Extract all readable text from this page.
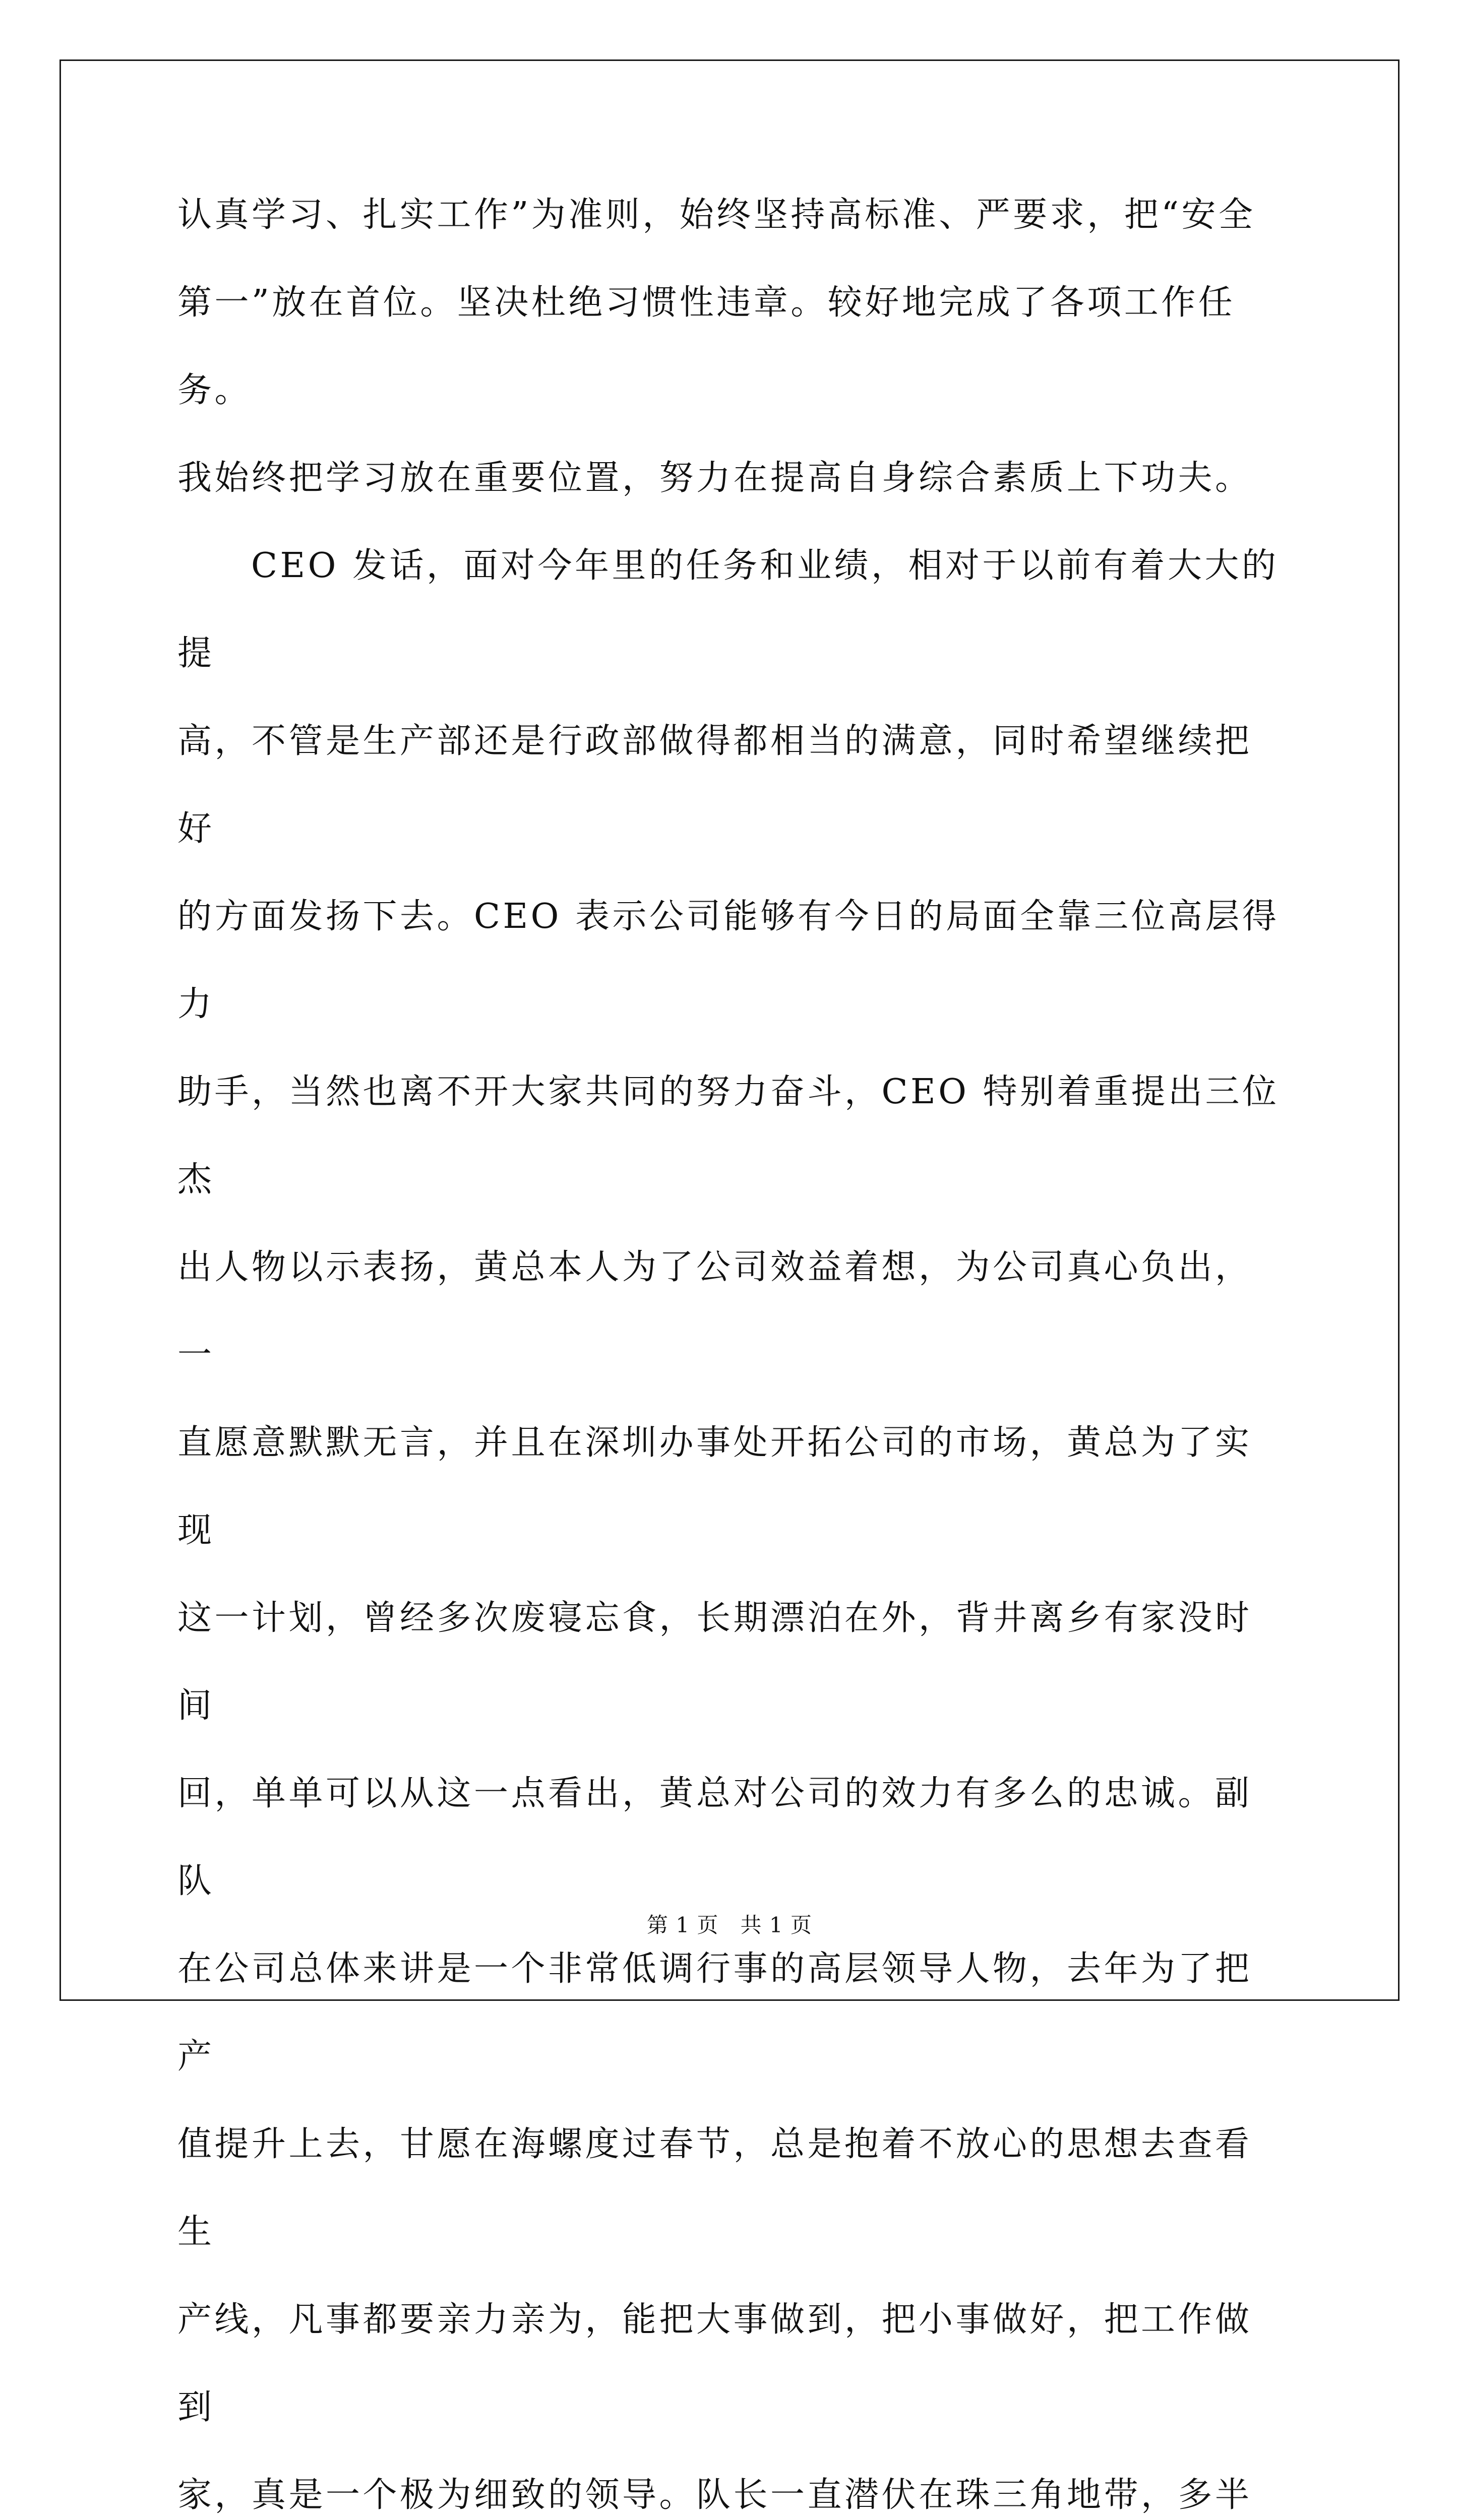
认真学习、扎实工作”为准则，始终坚持高标准、严要求，把“安全
第一”放在首位。坚决杜绝习惯性违章。较好地完成了各项工作任务。
我始终把学习放在重要位置，努力在提高自身综合素质上下功夫。

CEO 发话，面对今年里的任务和业绩，相对于以前有着大大的提
高，不管是生产部还是行政部做得都相当的满意，同时希望继续把好
的方面发扬下去。CEO 表示公司能够有今日的局面全靠三位高层得力
助手，当然也离不开大家共同的努力奋斗，CEO 特别着重提出三位杰
出人物以示表扬，黄总本人为了公司效益着想，为公司真心负出，一
直愿意默默无言，并且在深圳办事处开拓公司的市场，黄总为了实现
这一计划，曾经多次废寝忘食，长期漂泊在外，背井离乡有家没时间
回，单单可以从这一点看出，黄总对公司的效力有多么的忠诚。副队
在公司总体来讲是一个非常低调行事的高层领导人物，去年为了把产
值提升上去，甘愿在海螺度过春节，总是抱着不放心的思想去查看生
产线，凡事都要亲力亲为，能把大事做到，把小事做好，把工作做到
家，真是一个极为细致的领导。队长一直潜伏在珠三角地带，多半

第 1 页   共 1 页
